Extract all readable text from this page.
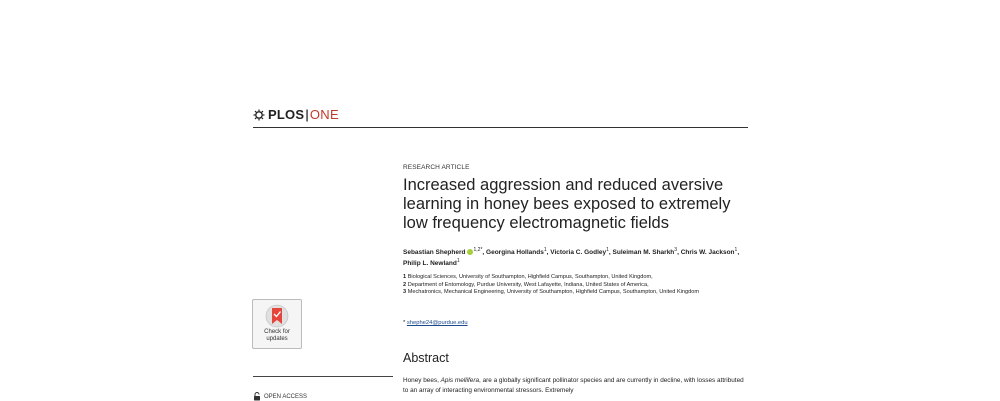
PLOS | ONE
RESEARCH ARTICLE
Increased aggression and reduced aversive learning in honey bees exposed to extremely low frequency electromagnetic fields
Sebastian Shepherd $^{1,2*}$, Georgina Hollands$^1$, Victoria C. Godley$^1$, Suleiman M. Sharkh$^3$, Chris W. Jackson$^1$, Philip L. Newland$^1$
1 Biological Sciences, University of Southampton, Highfield Campus, Southampton, United Kingdom,
2 Department of Entomology, Purdue University, West Lafayette, Indiana, United States of America,
3 Mechatronics, Mechanical Engineering, University of Southampton, Highfield Campus, Southampton, United Kingdom
* shephe24@purdue.edu
Abstract
Honey bees, Apis mellifera, are a globally significant pollinator species and are currently in decline, with losses attributed to an array of interacting environmental stressors. Extremely
Check for
updates
OPEN ACCESS
